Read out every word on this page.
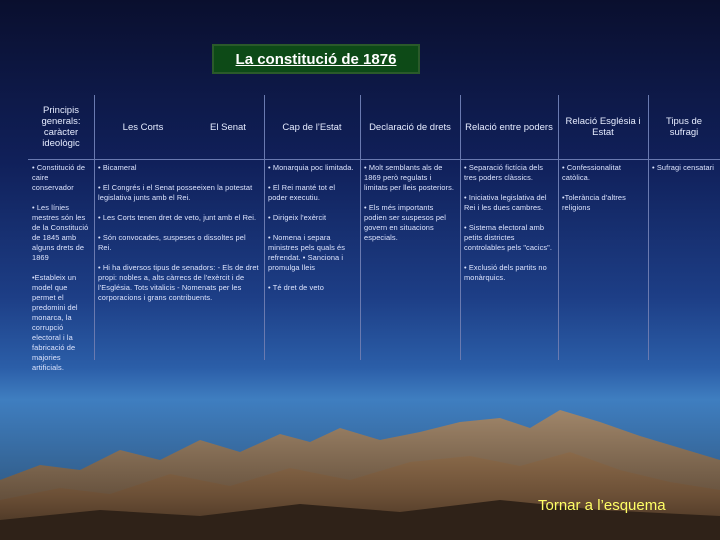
La constitució de 1876
Principis generals: caràcter ideològic

• Constitució de caire conservador

• Les línies mestres són les de la Constitució de 1845 amb alguns drets de 1869

•Estableix un model que permet el predomini del monarca, la corrupció electoral i la fabricació de majories artificials.

Les Corts	El Senat

• Bicameral

• El Congrés i el Senat posseeixen la potestat legislativa junts amb el Rei.

• Les Corts tenen dret de veto, junt amb el Rei.

• Són convocades, suspeses o dissoltes pel Rei.

• Hi ha diversos tipus de senadors: - Els de dret propi: nobles a, alts càrrecs de l'exèrcit i de l'Església. Tots vitalicis - Nomenats per les corporacions i grans contribuents.

Cap de l’Estat

• Monarquia poc limitada.

• El Rei manté tot el poder executiu.

• Dirigeix l'exèrcit

• Nomena i separa ministres pels quals és refrendat. • Sanciona i promulga lleis

• Té dret de veto

Declaració de drets

• Molt semblants als de 1869 però regulats i limitats per lleis posteriors.

• Els més importants podien ser suspesos pel govern en situacions especials.

Relació entre poders

• Separació fictícia dels tres poders clàssics.

• Iniciativa legislativa del Rei i les dues cambres.

• Sistema electoral amb petits districtes controlables pels "cacics".

• Exclusió dels partits no monàrquics.

Relació Església i Estat

• Confessionalitat catòlica.

•Tolerància d'altres religions

Tipus de sufragi

• Sufragi censatari

Tornar a l’esquema
